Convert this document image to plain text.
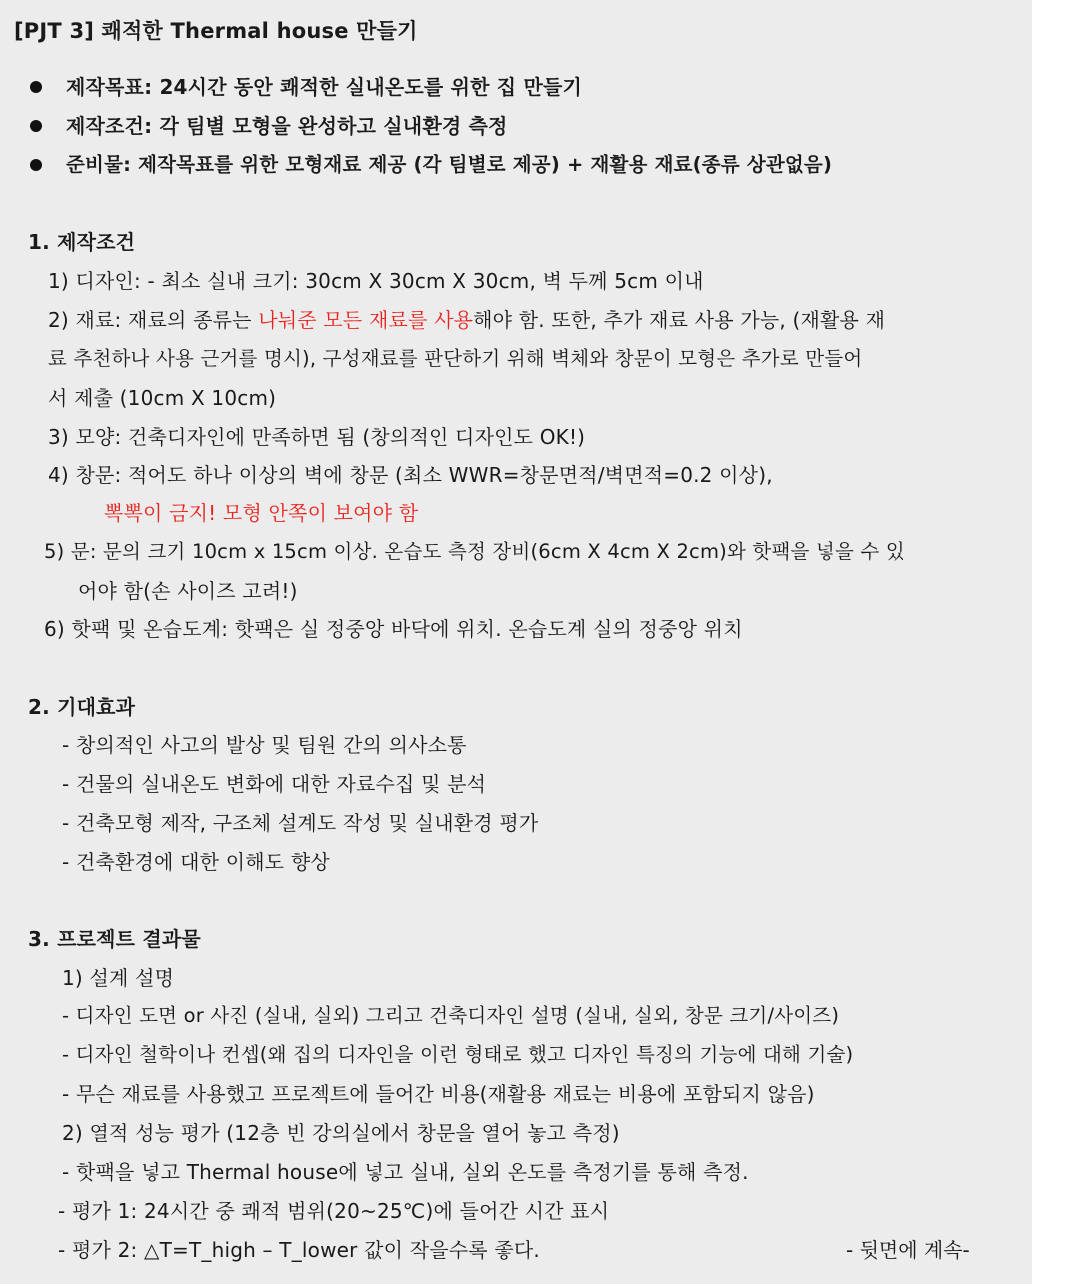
[PJT 3] 쾌적한 Thermal house 만들기
제작목표: 24시간 동안 쾌적한 실내온도를 위한 집 만들기
제작조건: 각 팀별 모형을 완성하고 실내환경 측정
준비물: 제작목표를 위한 모형재료 제공 (각 팀별로 제공) + 재활용 재료(종류 상관없음)
1. 제작조건
1) 디자인: - 최소 실내 크기: 30cm X 30cm X 30cm, 벽 두께 5cm 이내
2) 재료: 재료의 종류는 나눠준 모든 재료를 사용해야 함. 또한, 추가 재료 사용 가능, (재활용 재
료 추천하나 사용 근거를 명시), 구성재료를 판단하기 위해 벽체와 창문이 모형은 추가로 만들어
서 제출 (10cm X 10cm)
3) 모양: 건축디자인에 만족하면 됨 (창의적인 디자인도 OK!)
4) 창문: 적어도 하나 이상의 벽에 창문 (최소 WWR=창문면적/벽면적=0.2 이상),
뽁뽁이 금지! 모형 안쪽이 보여야 함
5) 문: 문의 크기 10cm x 15cm 이상. 온습도 측정 장비(6cm X 4cm X 2cm)와 핫팩을 넣을 수 있
어야 함(손 사이즈 고려!)
6) 핫팩 및 온습도계: 핫팩은 실 정중앙 바닥에 위치. 온습도계 실의 정중앙 위치
2. 기대효과
- 창의적인 사고의 발상 및 팀원 간의 의사소통
- 건물의 실내온도 변화에 대한 자료수집 및 분석
- 건축모형 제작, 구조체 설계도 작성 및 실내환경 평가
- 건축환경에 대한 이해도 향상
3. 프로젝트 결과물
1) 설계 설명
- 디자인 도면 or 사진 (실내, 실외) 그리고 건축디자인 설명 (실내, 실외, 창문 크기/사이즈)
- 디자인 철학이나 컨셉(왜 집의 디자인을 이런 형태로 했고 디자인 특징의 기능에 대해 기술)
- 무슨 재료를 사용했고 프로젝트에 들어간 비용(재활용 재료는 비용에 포함되지 않음)
2) 열적 성능 평가 (12층 빈 강의실에서 창문을 열어 놓고 측정)
- 핫팩을 넣고 Thermal house에 넣고 실내, 실외 온도를 측정기를 통해 측정.
- 평가 1: 24시간 중 쾌적 범위(20~25℃)에 들어간 시간 표시
- 평가 2: △T=T_high – T_lower 값이 작을수록 좋다.	- 뒷면에 계속-
